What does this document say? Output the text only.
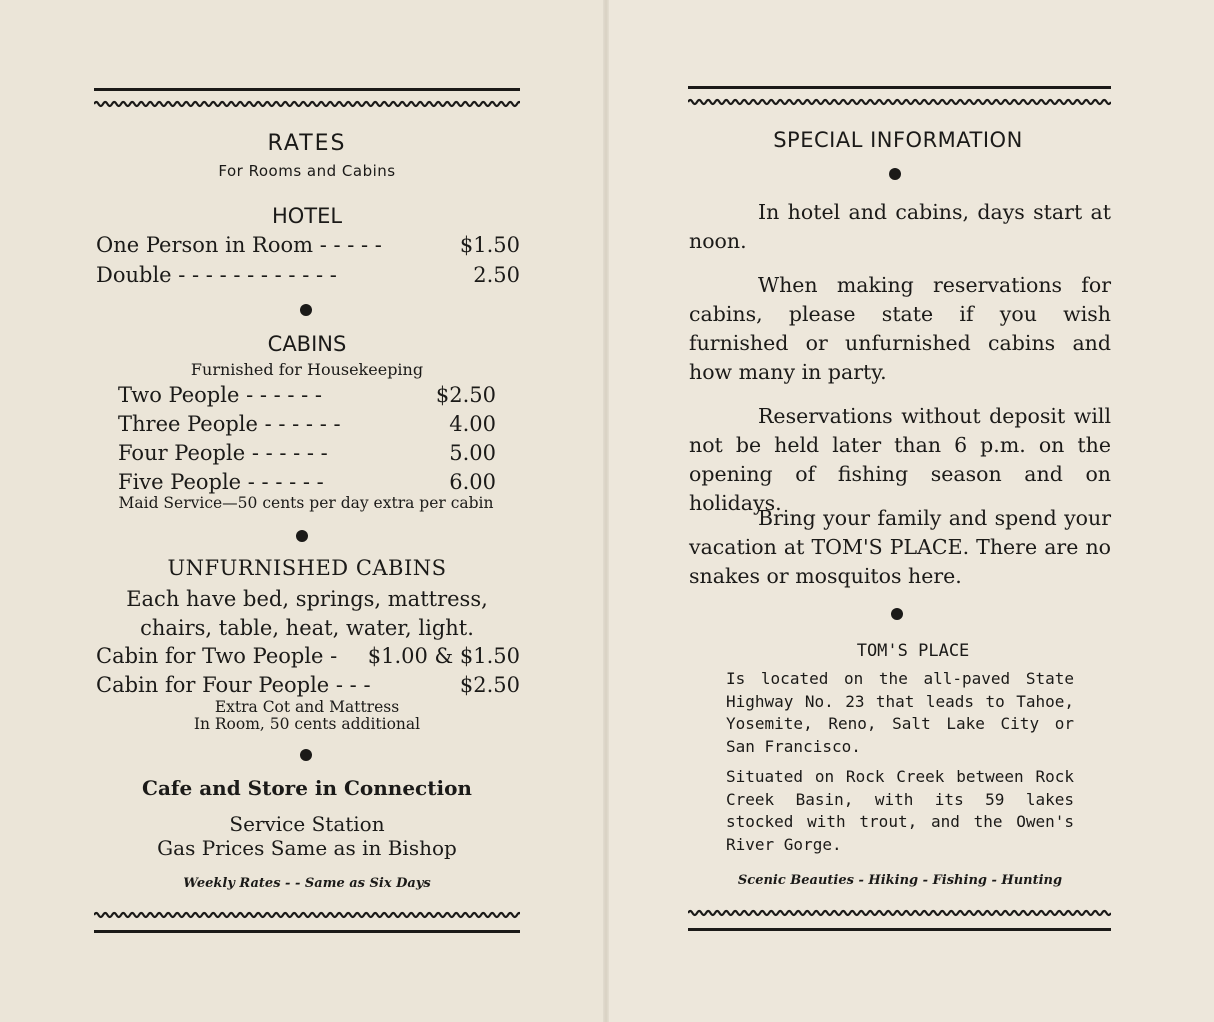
RATES
For Rooms and Cabins
HOTEL
One Person in Room - - - - -	$1.50
Double - - - - - - - - - - - -	2.50
CABINS
Furnished for Housekeeping
Two People - - - - - -	$2.50
Three People - - - - - -	4.00
Four People - - - - - -	5.00
Five People - - - - - -	6.00
Maid Service—50 cents per day extra per cabin
UNFURNISHED CABINS
Each have bed, springs, mattress,
chairs, table, heat, water, light.
Cabin for Two People - $1.00 & $1.50
Cabin for Four People - - -	$2.50
Extra Cot and Mattress
In Room, 50 cents additional
Cafe and Store in Connection
Service Station
Gas Prices Same as in Bishop
Weekly Rates - - Same as Six Days
SPECIAL INFORMATION
In hotel and cabins, days start at noon.
When making reservations for cabins, please state if you wish furnished or unfurnished cabins and how many in party.
Reservations without deposit will not be held later than 6 p.m. on the opening of fishing season and on holidays.
Bring your family and spend your vacation at TOM'S PLACE. There are no snakes or mosquitos here.
TOM'S PLACE
Is located on the all-paved State Highway No. 23 that leads to Tahoe, Yosemite, Reno, Salt Lake City or San Francisco.
Situated on Rock Creek between Rock Creek Basin, with its 59 lakes stocked with trout, and the Owen's River Gorge.
Scenic Beauties - Hiking - Fishing - Hunting
